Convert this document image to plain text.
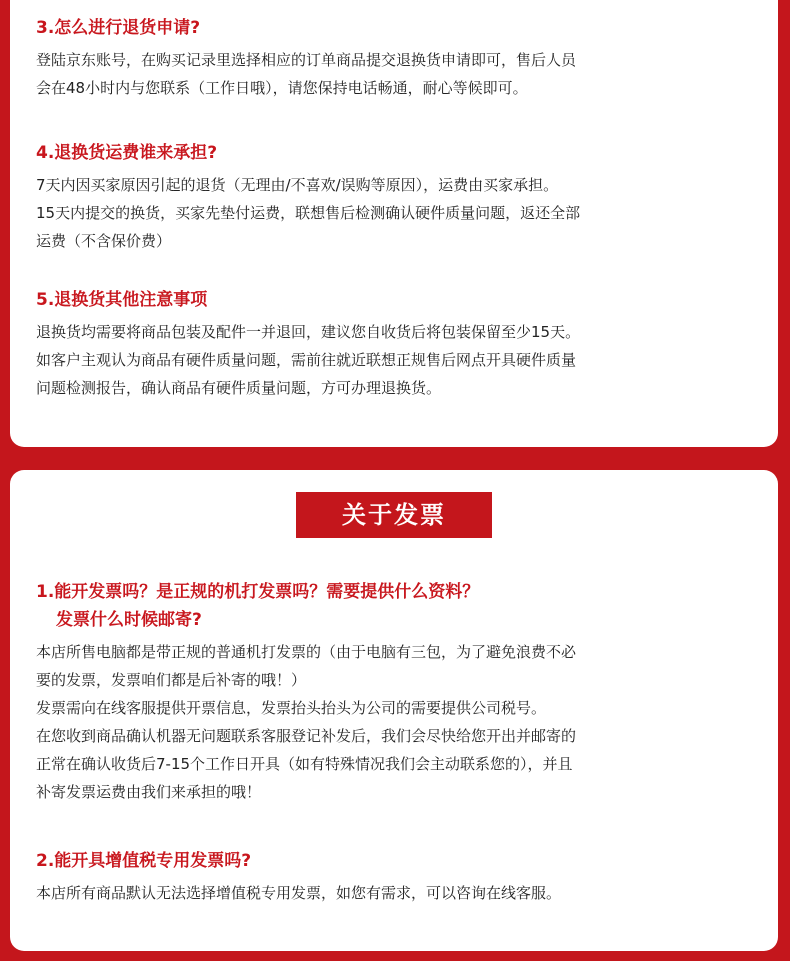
3.怎么进行退货申请?

登陆京东账号，在购买记录里选择相应的订单商品提交退换货申请即可，售后人员

会在48小时内与您联系（工作日哦），请您保持电话畅通，耐心等候即可。

4.退换货运费谁来承担?

7天内因买家原因引起的退货（无理由/不喜欢/误购等原因），运费由买家承担。

15天内提交的换货，买家先垫付运费，联想售后检测确认硬件质量问题，返还全部

运费（不含保价费）

5.退换货其他注意事项

退换货均需要将商品包装及配件一并退回，建议您自收货后将包装保留至少15天。

如客户主观认为商品有硬件质量问题，需前往就近联想正规售后网点开具硬件质量

问题检测报告，确认商品有硬件质量问题，方可办理退换货。

关于发票
1.能开发票吗？是正规的机打发票吗？需要提供什么资料？
发票什么时候邮寄?

本店所售电脑都是带正规的普通机打发票的（由于电脑有三包，为了避免浪费不必

要的发票，发票咱们都是后补寄的哦！）

发票需向在线客服提供开票信息，发票抬头抬头为公司的需要提供公司税号。

在您收到商品确认机器无问题联系客服登记补发后，我们会尽快给您开出并邮寄的

正常在确认收货后7-15个工作日开具（如有特殊情况我们会主动联系您的），并且

补寄发票运费由我们来承担的哦！

2.能开具增值税专用发票吗?

本店所有商品默认无法选择增值税专用发票，如您有需求，可以咨询在线客服。
